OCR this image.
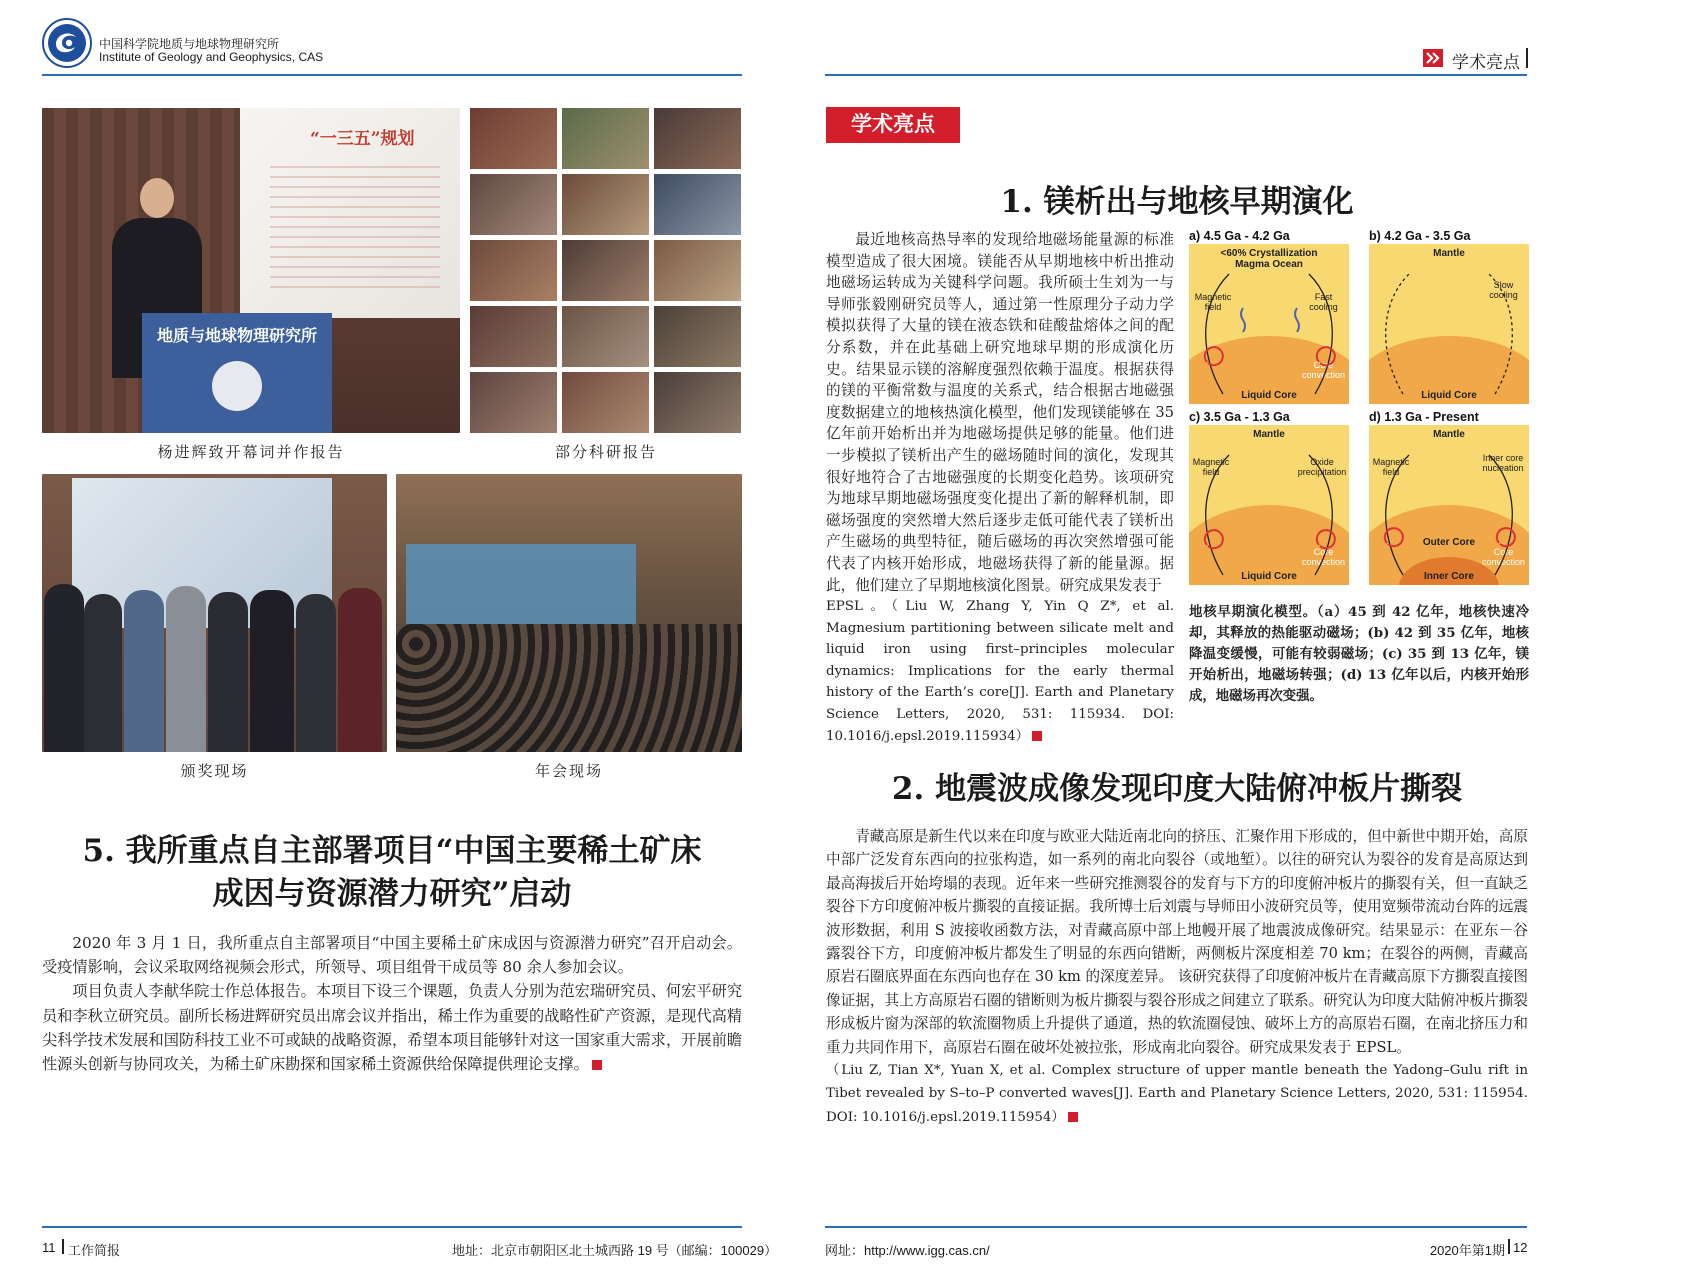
中国科学院地质与地球物理研究所
Institute of Geology and Geophysics, CAS	学术亮点
“一三五”规划
地质与地球物理研究所
杨进辉致开幕词并作报告	部分科研报告
颁奖现场	年会现场
5. 我所重点自主部署项目“中国主要稀土矿床
成因与资源潜力研究”启动

2020 年 3 月 1 日，我所重点自主部署项目“中国主要稀土矿床成因与资源潜力研究”召开启动会。受疫情影响，会议采取网络视频会形式，所领导、项目组骨干成员等 80 余人参加会议。

项目负责人李献华院士作总体报告。本项目下设三个课题，负责人分别为范宏瑞研究员、何宏平研究员和李秋立研究员。副所长杨进辉研究员出席会议并指出，稀土作为重要的战略性矿产资源，是现代高精尖科学技术发展和国防科技工业不可或缺的战略资源，希望本项目能够针对这一国家重大需求，开展前瞻性源头创新与协同攻关，为稀土矿床勘探和国家稀土资源供给保障提供理论支撑。

学术亮点
1. 镁析出与地核早期演化

最近地核高热导率的发现给地磁场能量源的标准模型造成了很大困境。镁能否从早期地核中析出推动地磁场运转成为关键科学问题。我所硕士生刘为一与导师张毅刚研究员等人，通过第一性原理分子动力学模拟获得了大量的镁在液态铁和硅酸盐熔体之间的配分系数，并在此基础上研究地球早期的形成演化历史。结果显示镁的溶解度强烈依赖于温度。根据获得的镁的平衡常数与温度的关系式，结合根据古地磁强度数据建立的地核热演化模型，他们发现镁能够在 35 亿年前开始析出并为地磁场提供足够的能量。他们进一步模拟了镁析出产生的磁场随时间的演化，发现其很好地符合了古地磁强度的长期变化趋势。该项研究为地球早期地磁场强度变化提出了新的解释机制，即磁场强度的突然增大然后逐步走低可能代表了镁析出产生磁场的典型特征，随后磁场的再次突然增强可能代表了内核开始形成，地磁场获得了新的能量源。据此，他们建立了早期地核演化图景。研究成果发表于

EPSL。（Liu W, Zhang Y, Yin Q Z*, et al. Magnesium partitioning between silicate melt and liquid iron using first–principles molecular dynamics: Implications for the early thermal history of the Earth’s core[J]. Earth and Planetary Science Letters, 2020, 531: 115934. DOI: 10.1016/j.epsl.2019.115934）
a) 4.5 Ga - 4.2 Ga
<60% Crystallization
Magma Ocean
Magnetic field
Fast cooling
Liquid Core
Core convection
b) 4.2 Ga - 3.5 Ga
Mantle
Slow cooling
Liquid Core
c) 3.5 Ga - 1.3 Ga
Mantle
Magnetic field
Oxide precipitation
Liquid Core
Core convection
d) 1.3 Ga - Present
Mantle
Magnetic field
Inner core nucleation
Outer Core
Inner Core
Core convection
地核早期演化模型。（a）45 到 42 亿年，地核快速冷却，其释放的热能驱动磁场；(b) 42 到 35 亿年，地核降温变缓慢，可能有较弱磁场；(c) 35 到 13 亿年，镁开始析出，地磁场转强；(d) 13 亿年以后，内核开始形成，地磁场再次变强。
2. 地震波成像发现印度大陆俯冲板片撕裂

青藏高原是新生代以来在印度与欧亚大陆近南北向的挤压、汇聚作用下形成的，但中新世中期开始，高原中部广泛发育东西向的拉张构造，如一系列的南北向裂谷（或地堑）。以往的研究认为裂谷的发育是高原达到最高海拔后开始垮塌的表现。近年来一些研究推测裂谷的发育与下方的印度俯冲板片的撕裂有关，但一直缺乏裂谷下方印度俯冲板片撕裂的直接证据。我所博士后刘震与导师田小波研究员等，使用宽频带流动台阵的远震波形数据，利用 S 波接收函数方法，对青藏高原中部上地幔开展了地震波成像研究。结果显示：在亚东－谷露裂谷下方，印度俯冲板片都发生了明显的东西向错断，两侧板片深度相差 70 km；在裂谷的两侧，青藏高原岩石圈底界面在东西向也存在 30 km 的深度差异。 该研究获得了印度俯冲板片在青藏高原下方撕裂直接图像证据，其上方高原岩石圈的错断则为板片撕裂与裂谷形成之间建立了联系。研究认为印度大陆俯冲板片撕裂形成板片窗为深部的软流圈物质上升提供了通道，热的软流圈侵蚀、破坏上方的高原岩石圈，在南北挤压力和重力共同作用下，高原岩石圈在破坏处被拉张，形成南北向裂谷。研究成果发表于 EPSL。

（Liu Z, Tian X*, Yuan X, et al. Complex structure of upper mantle beneath the Yadong–Gulu rift in Tibet revealed by S–to–P converted waves[J]. Earth and Planetary Science Letters, 2020, 531: 115954. DOI: 10.1016/j.epsl.2019.115954）
11 工作简报	地址：北京市朝阳区北土城西路 19 号（邮编：100029）	网址：http://www.igg.cas.cn/	2020年第1期 12
